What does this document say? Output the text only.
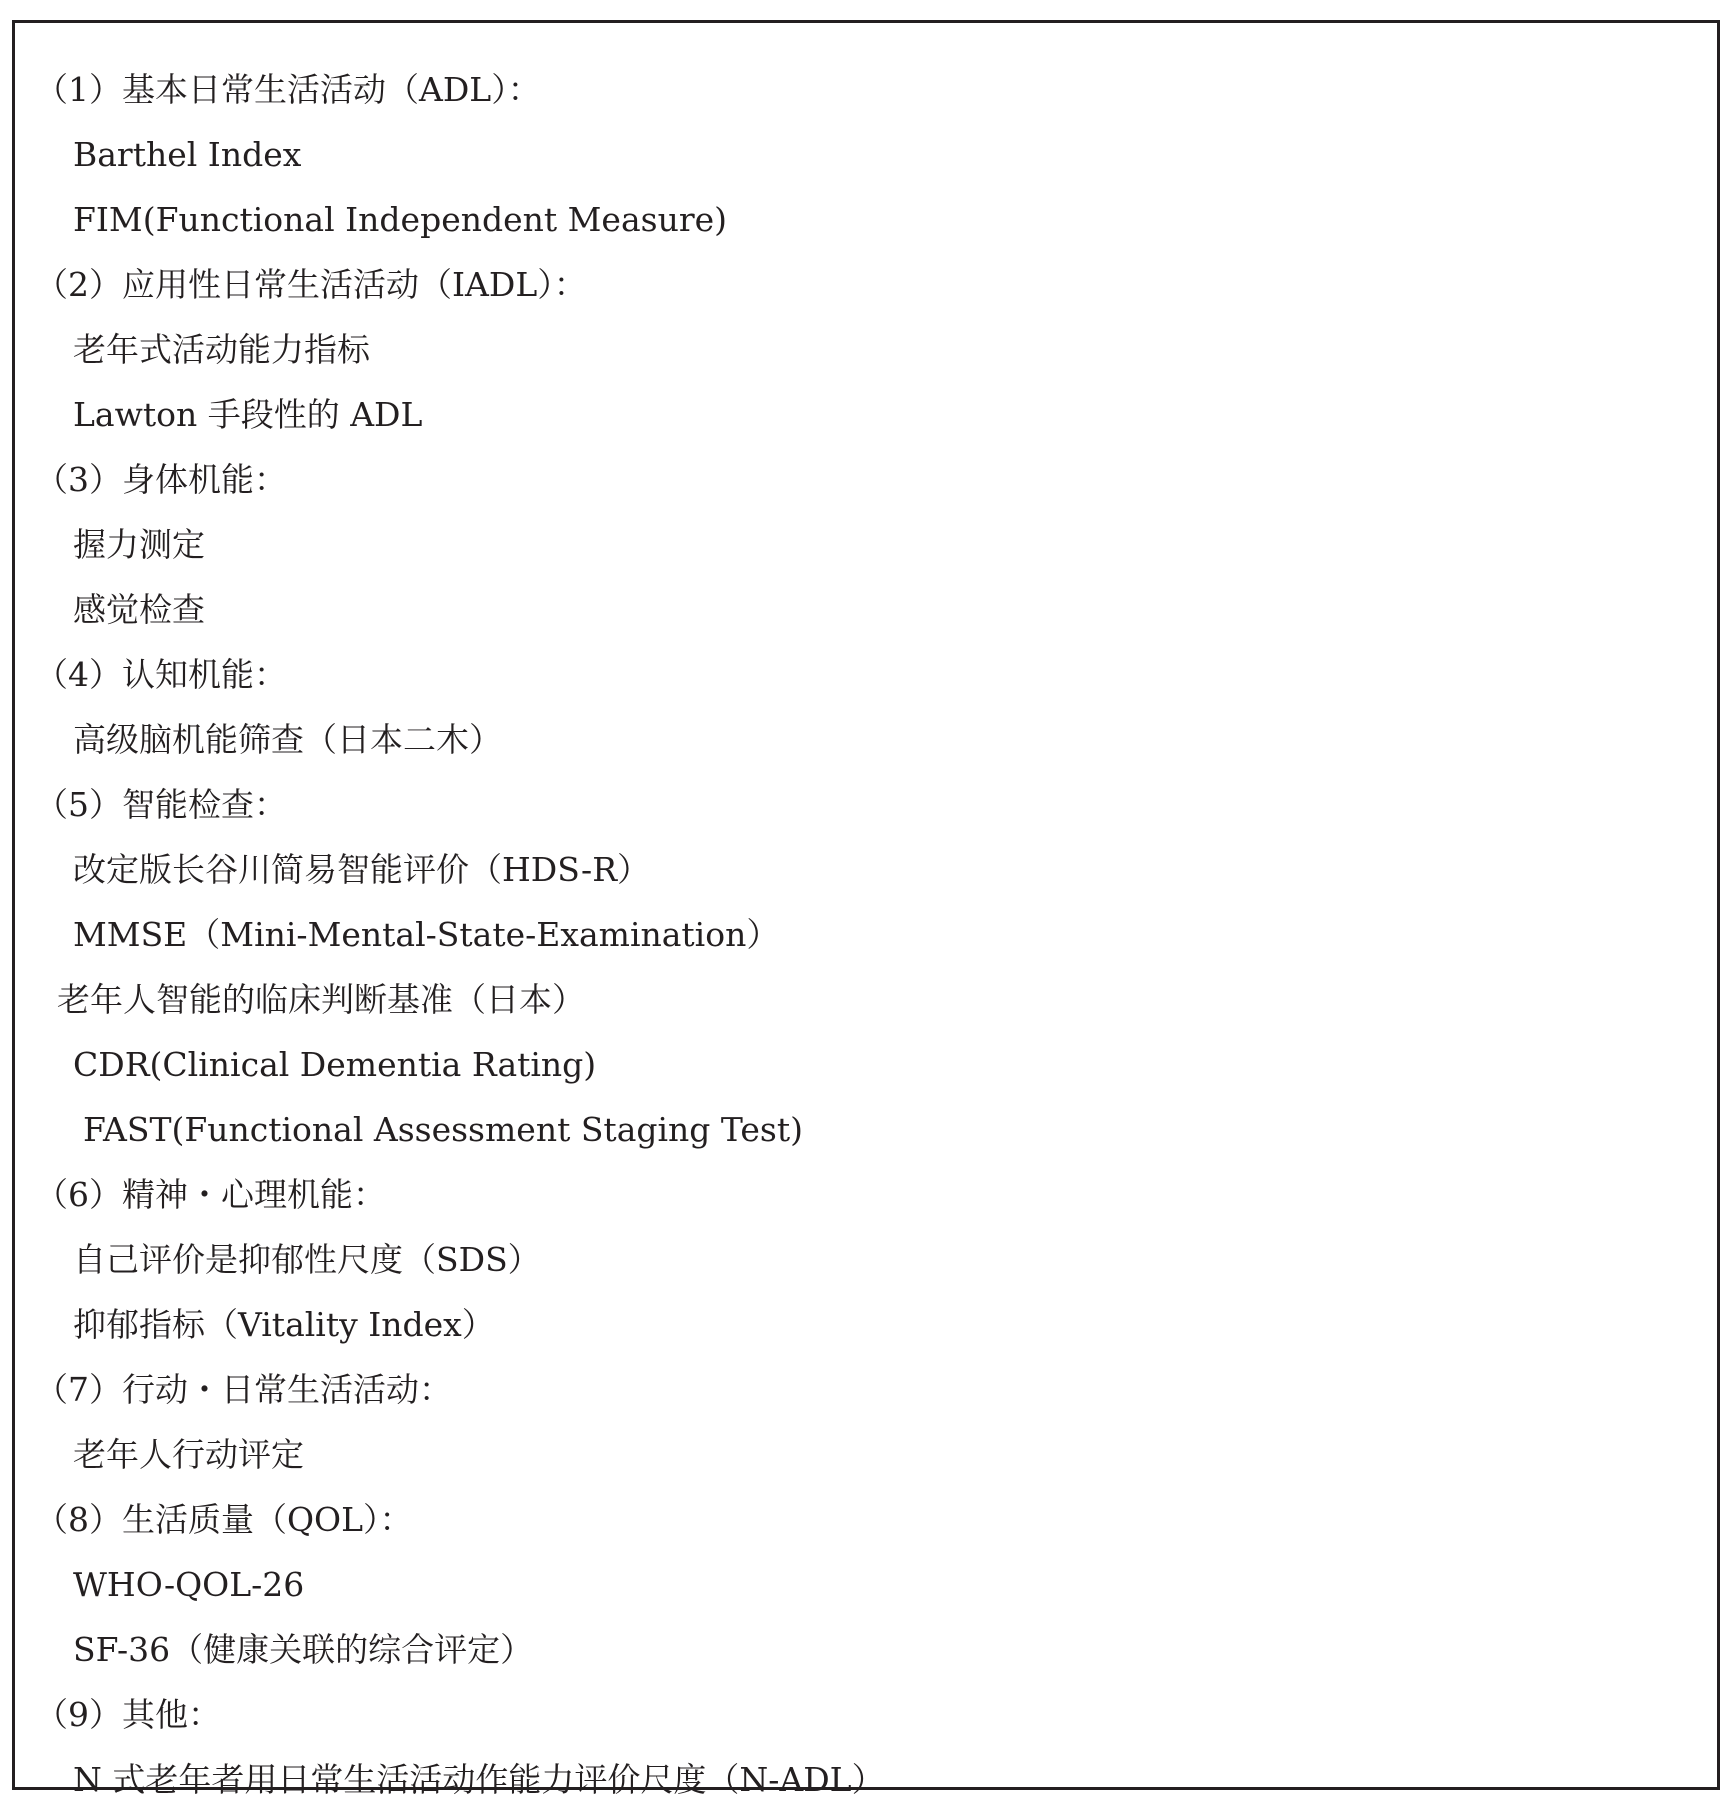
（1）基本日常生活活动（ADL）：
Barthel Index
FIM(Functional Independent Measure)
（2）应用性日常生活活动（IADL）：
老年式活动能力指标
Lawton 手段性的 ADL
（3）身体机能：
握力测定
感觉检查
（4）认知机能：
高级脑机能筛查（日本二木）
（5）智能检查：
改定版长谷川简易智能评价（HDS-R）
MMSE（Mini-Mental-State-Examination）
老年人智能的临床判断基准（日本）
CDR(Clinical Dementia Rating)
FAST(Functional Assessment Staging Test)
（6）精神・心理机能：
自己评价是抑郁性尺度（SDS）
抑郁指标（Vitality Index）
（7）行动・日常生活活动：
老年人行动评定
（8）生活质量（QOL）：
WHO-QOL-26
SF-36（健康关联的综合评定）
（9）其他：
N 式老年者用日常生活活动作能力评价尺度（N-ADL）
